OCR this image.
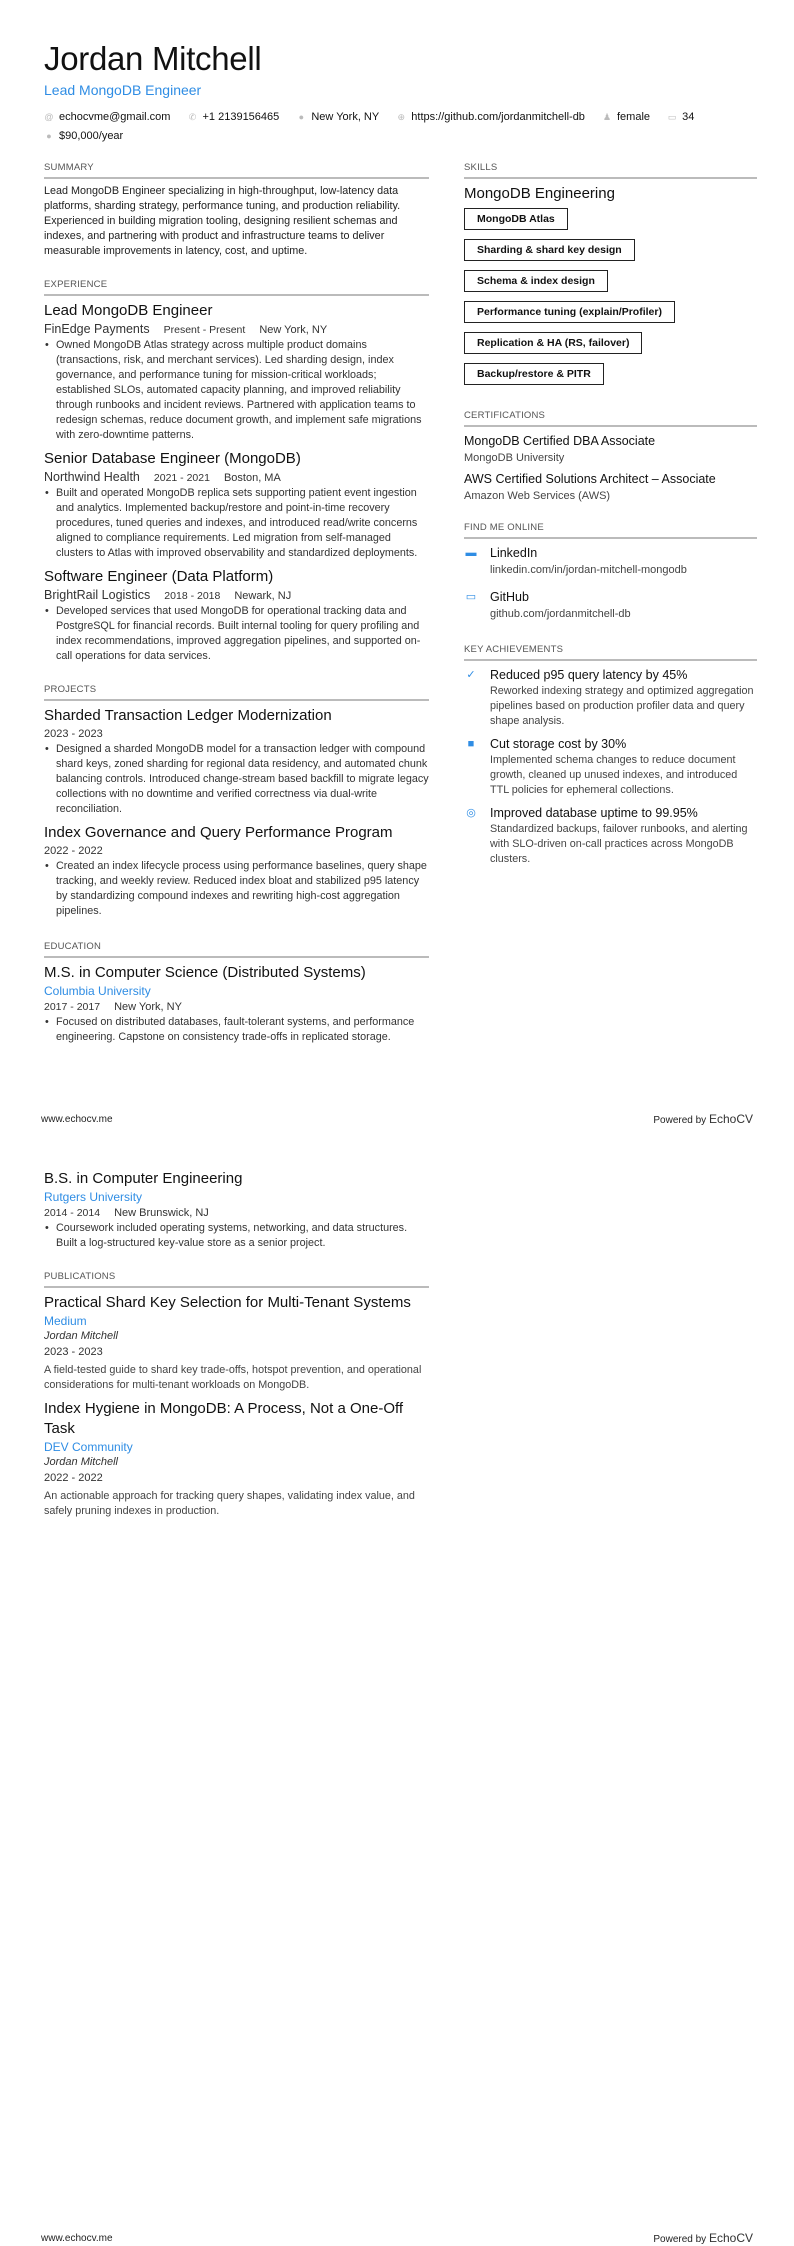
Jordan Mitchell
Lead MongoDB Engineer
@ echocvme@gmail.com ✆ +1 2139156465 ● New York, NY ⊕ https://github.com/jordanmitchell-db ♟ female ▭ 34
● $90,000/year
SUMMARY

Lead MongoDB Engineer specializing in high-throughput, low-latency data platforms, sharding strategy, performance tuning, and production reliability. Experienced in building migration tooling, designing resilient schemas and indexes, and partnering with product and infrastructure teams to deliver measurable improvements in latency, cost, and uptime.

EXPERIENCE
Lead MongoDB Engineer
FinEdge Payments Present - Present New York, NY
• Owned MongoDB Atlas strategy across multiple product domains (transactions, risk, and merchant services). Led sharding design, index governance, and performance tuning for mission-critical workloads; established SLOs, automated capacity planning, and improved reliability through runbooks and incident reviews. Partnered with application teams to redesign schemas, reduce document growth, and implement safe migrations with zero-downtime patterns.
Senior Database Engineer (MongoDB)
Northwind Health 2021 - 2021 Boston, MA
• Built and operated MongoDB replica sets supporting patient event ingestion and analytics. Implemented backup/restore and point-in-time recovery procedures, tuned queries and indexes, and introduced read/write concerns aligned to compliance requirements. Led migration from self-managed clusters to Atlas with improved observability and standardized deployments.
Software Engineer (Data Platform)
BrightRail Logistics 2018 - 2018 Newark, NJ
• Developed services that used MongoDB for operational tracking data and PostgreSQL for financial records. Built internal tooling for query profiling and index recommendations, improved aggregation pipelines, and supported on-call operations for data services.
PROJECTS
Sharded Transaction Ledger Modernization
2023 - 2023
• Designed a sharded MongoDB model for a transaction ledger with compound shard keys, zoned sharding for regional data residency, and automated chunk balancing controls. Introduced change-stream based backfill to migrate legacy collections with no downtime and verified correctness via dual-write reconciliation.
Index Governance and Query Performance Program
2022 - 2022
• Created an index lifecycle process using performance baselines, query shape tracking, and weekly review. Reduced index bloat and stabilized p95 latency by standardizing compound indexes and rewriting high-cost aggregation pipelines.
EDUCATION
M.S. in Computer Science (Distributed Systems)
Columbia University
2017 - 2017 New York, NY
• Focused on distributed databases, fault-tolerant systems, and performance engineering. Capstone on consistency trade-offs in replicated storage.
SKILLS
MongoDB Engineering
MongoDB Atlas
Sharding & shard key design
Schema & index design
Performance tuning (explain/Profiler)
Replication & HA (RS, failover)
Backup/restore & PITR
CERTIFICATIONS
MongoDB Certified DBA Associate
MongoDB University
AWS Certified Solutions Architect – Associate
Amazon Web Services (AWS)
FIND ME ONLINE
▬ LinkedIn
linkedin.com/in/jordan-mitchell-mongodb
▭ GitHub
github.com/jordanmitchell-db
KEY ACHIEVEMENTS
✓ Reduced p95 query latency by 45%
Reworked indexing strategy and optimized aggregation pipelines based on production profiler data and query shape analysis.
■ Cut storage cost by 30%
Implemented schema changes to reduce document growth, cleaned up unused indexes, and introduced TTL policies for ephemeral collections.
◎ Improved database uptime to 99.95%
Standardized backups, failover runbooks, and alerting with SLO-driven on-call practices across MongoDB clusters.
www.echocv.me	Powered by EchoCV
B.S. in Computer Engineering
Rutgers University
2014 - 2014 New Brunswick, NJ
• Coursework included operating systems, networking, and data structures. Built a log-structured key-value store as a senior project.
PUBLICATIONS
Practical Shard Key Selection for Multi-Tenant Systems
Medium
Jordan Mitchell
2023 - 2023

A field-tested guide to shard key trade-offs, hotspot prevention, and operational considerations for multi-tenant workloads on MongoDB.

Index Hygiene in MongoDB: A Process, Not a One-Off Task
DEV Community
Jordan Mitchell
2022 - 2022

An actionable approach for tracking query shapes, validating index value, and safely pruning indexes in production.

www.echocv.me	Powered by EchoCV
